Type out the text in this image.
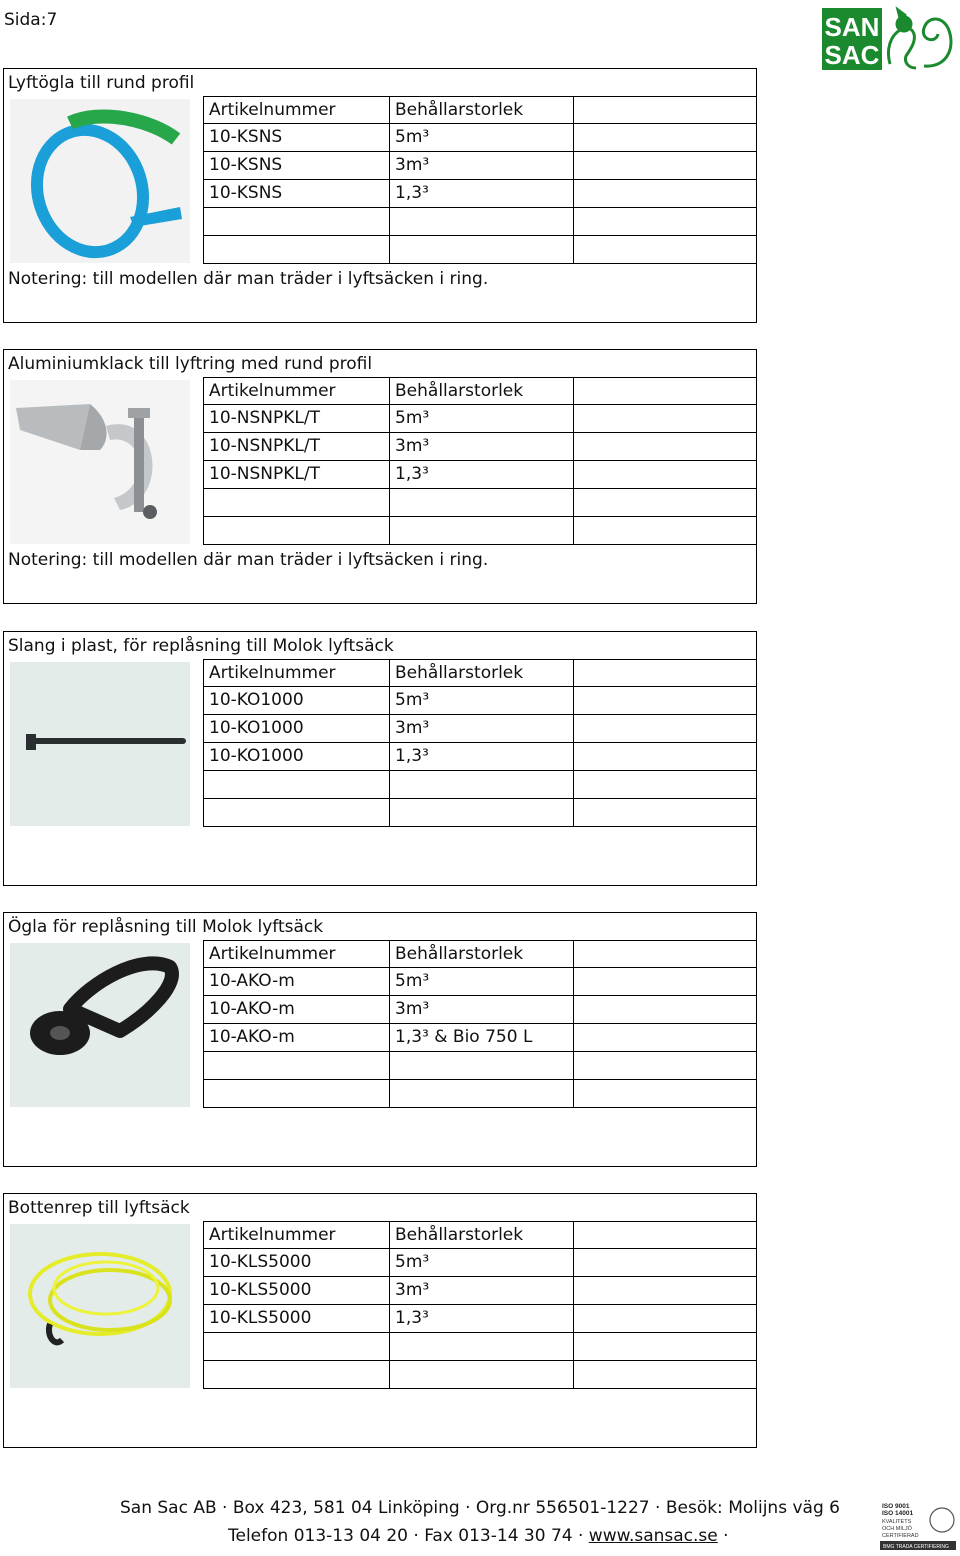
Sida:7	SAN
SAC
Lyftögla till rund profil
Artikelnummer	Behållarstorlek
10-KSNS	5m³
10-KSNS	3m³
10-KSNS	1,3³
Notering: till modellen där man träder i lyftsäcken i ring.
Aluminiumklack till lyftring med rund profil
Artikelnummer	Behållarstorlek
10-NSNPKL/T	5m³
10-NSNPKL/T	3m³
10-NSNPKL/T	1,3³
Notering: till modellen där man träder i lyftsäcken i ring.
Slang i plast, för replåsning till Molok lyftsäck
Artikelnummer	Behållarstorlek
10-KO1000	5m³
10-KO1000	3m³
10-KO1000	1,3³
Ögla för replåsning till Molok lyftsäck
Artikelnummer	Behållarstorlek
10-AKO-m	5m³
10-AKO-m	3m³
10-AKO-m	1,3³ & Bio 750 L
Bottenrep till lyftsäck
Artikelnummer	Behållarstorlek
10-KLS5000	5m³
10-KLS5000	3m³
10-KLS5000	1,3³
San Sac AB · Box 423, 581 04 Linköping · Org.nr 556501-1227 · Besök: Molijns väg 6
Telefon 013-13 04 20 · Fax 013-14 30 74 · www.sansac.se ·
ISO 9001
ISO 14001
KVALITETS
OCH MILJÖ
CERTIFIERAD
BMG TRADA CERTIFIERING
